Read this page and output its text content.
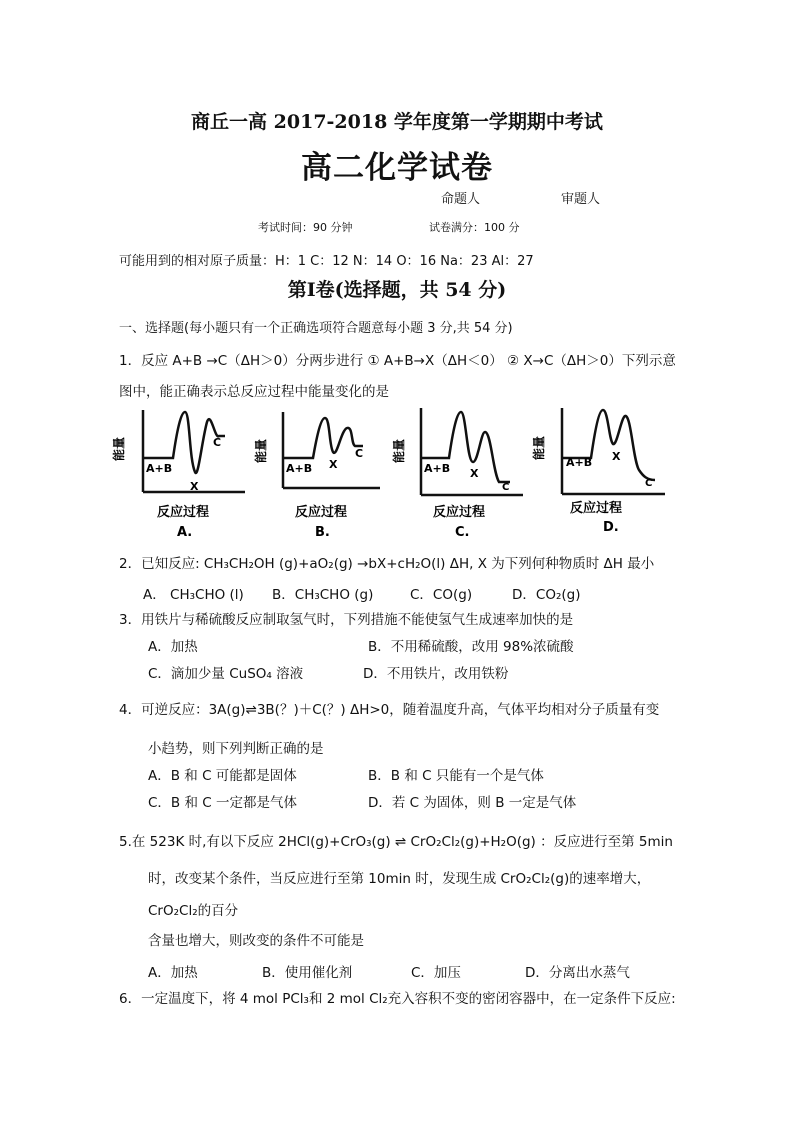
商丘一高 2017-2018 学年度第一学期期中考试
高二化学试卷
命题人	审题人
考试时间：90 分钟	试卷满分：100 分
可能用到的相对原子质量：H：1 C：12 N：14 O：16 Na：23 Al：27
第Ⅰ卷(选择题，共 54 分)
一、选择题(每小题只有一个正确选项符合题意每小题 3 分,共 54 分)
1．反应 A+B →C（ΔH＞0）分两步进行 ① A+B→X（ΔH＜0） ② X→C（ΔH＞0）下列示意
图中，能正确表示总反应过程中能量变化的是
能量
A+B
X
C
反应过程
A.
能量
A+B X
C
反应过程
B.
能量
A+B X
C
反应过程
C.
能量
A+B X
C
反应过程
D.
2．已知反应: CH₃CH₂OH (g)+aO₂(g) →bX+cH₂O(l) ΔH, X 为下列何种物质时 ΔH 最小
A． CH₃CHO (l) B．CH₃CHO (g)	C．CO(g)	D．CO₂(g)
3．用铁片与稀硫酸反应制取氢气时，下列措施不能使氢气生成速率加快的是
A．加热	B．不用稀硫酸，改用 98%浓硫酸
C．滴加少量 CuSO₄ 溶液	D．不用铁片，改用铁粉
4．可逆反应：3A(g)⇌3B(？)＋C(？) ΔH>0，随着温度升高，气体平均相对分子质量有变
小趋势，则下列判断正确的是
A．B 和 C 可能都是固体	B．B 和 C 只能有一个是气体
C．B 和 C 一定都是气体	D．若 C 为固体，则 B 一定是气体
5.在 523K 时,有以下反应 2HCl(g)+CrO₃(g) ⇌ CrO₂Cl₂(g)+H₂O(g) ：反应进行至第 5min
时，改变某个条件，当反应进行至第 10min 时，发现生成 CrO₂Cl₂(g)的速率增大，
CrO₂Cl₂的百分
含量也增大，则改变的条件不可能是
A．加热	B．使用催化剂	C．加压	D．分离出水蒸气
6．一定温度下，将 4 mol PCl₃和 2 mol Cl₂充入容积不变的密闭容器中，在一定条件下反应:
